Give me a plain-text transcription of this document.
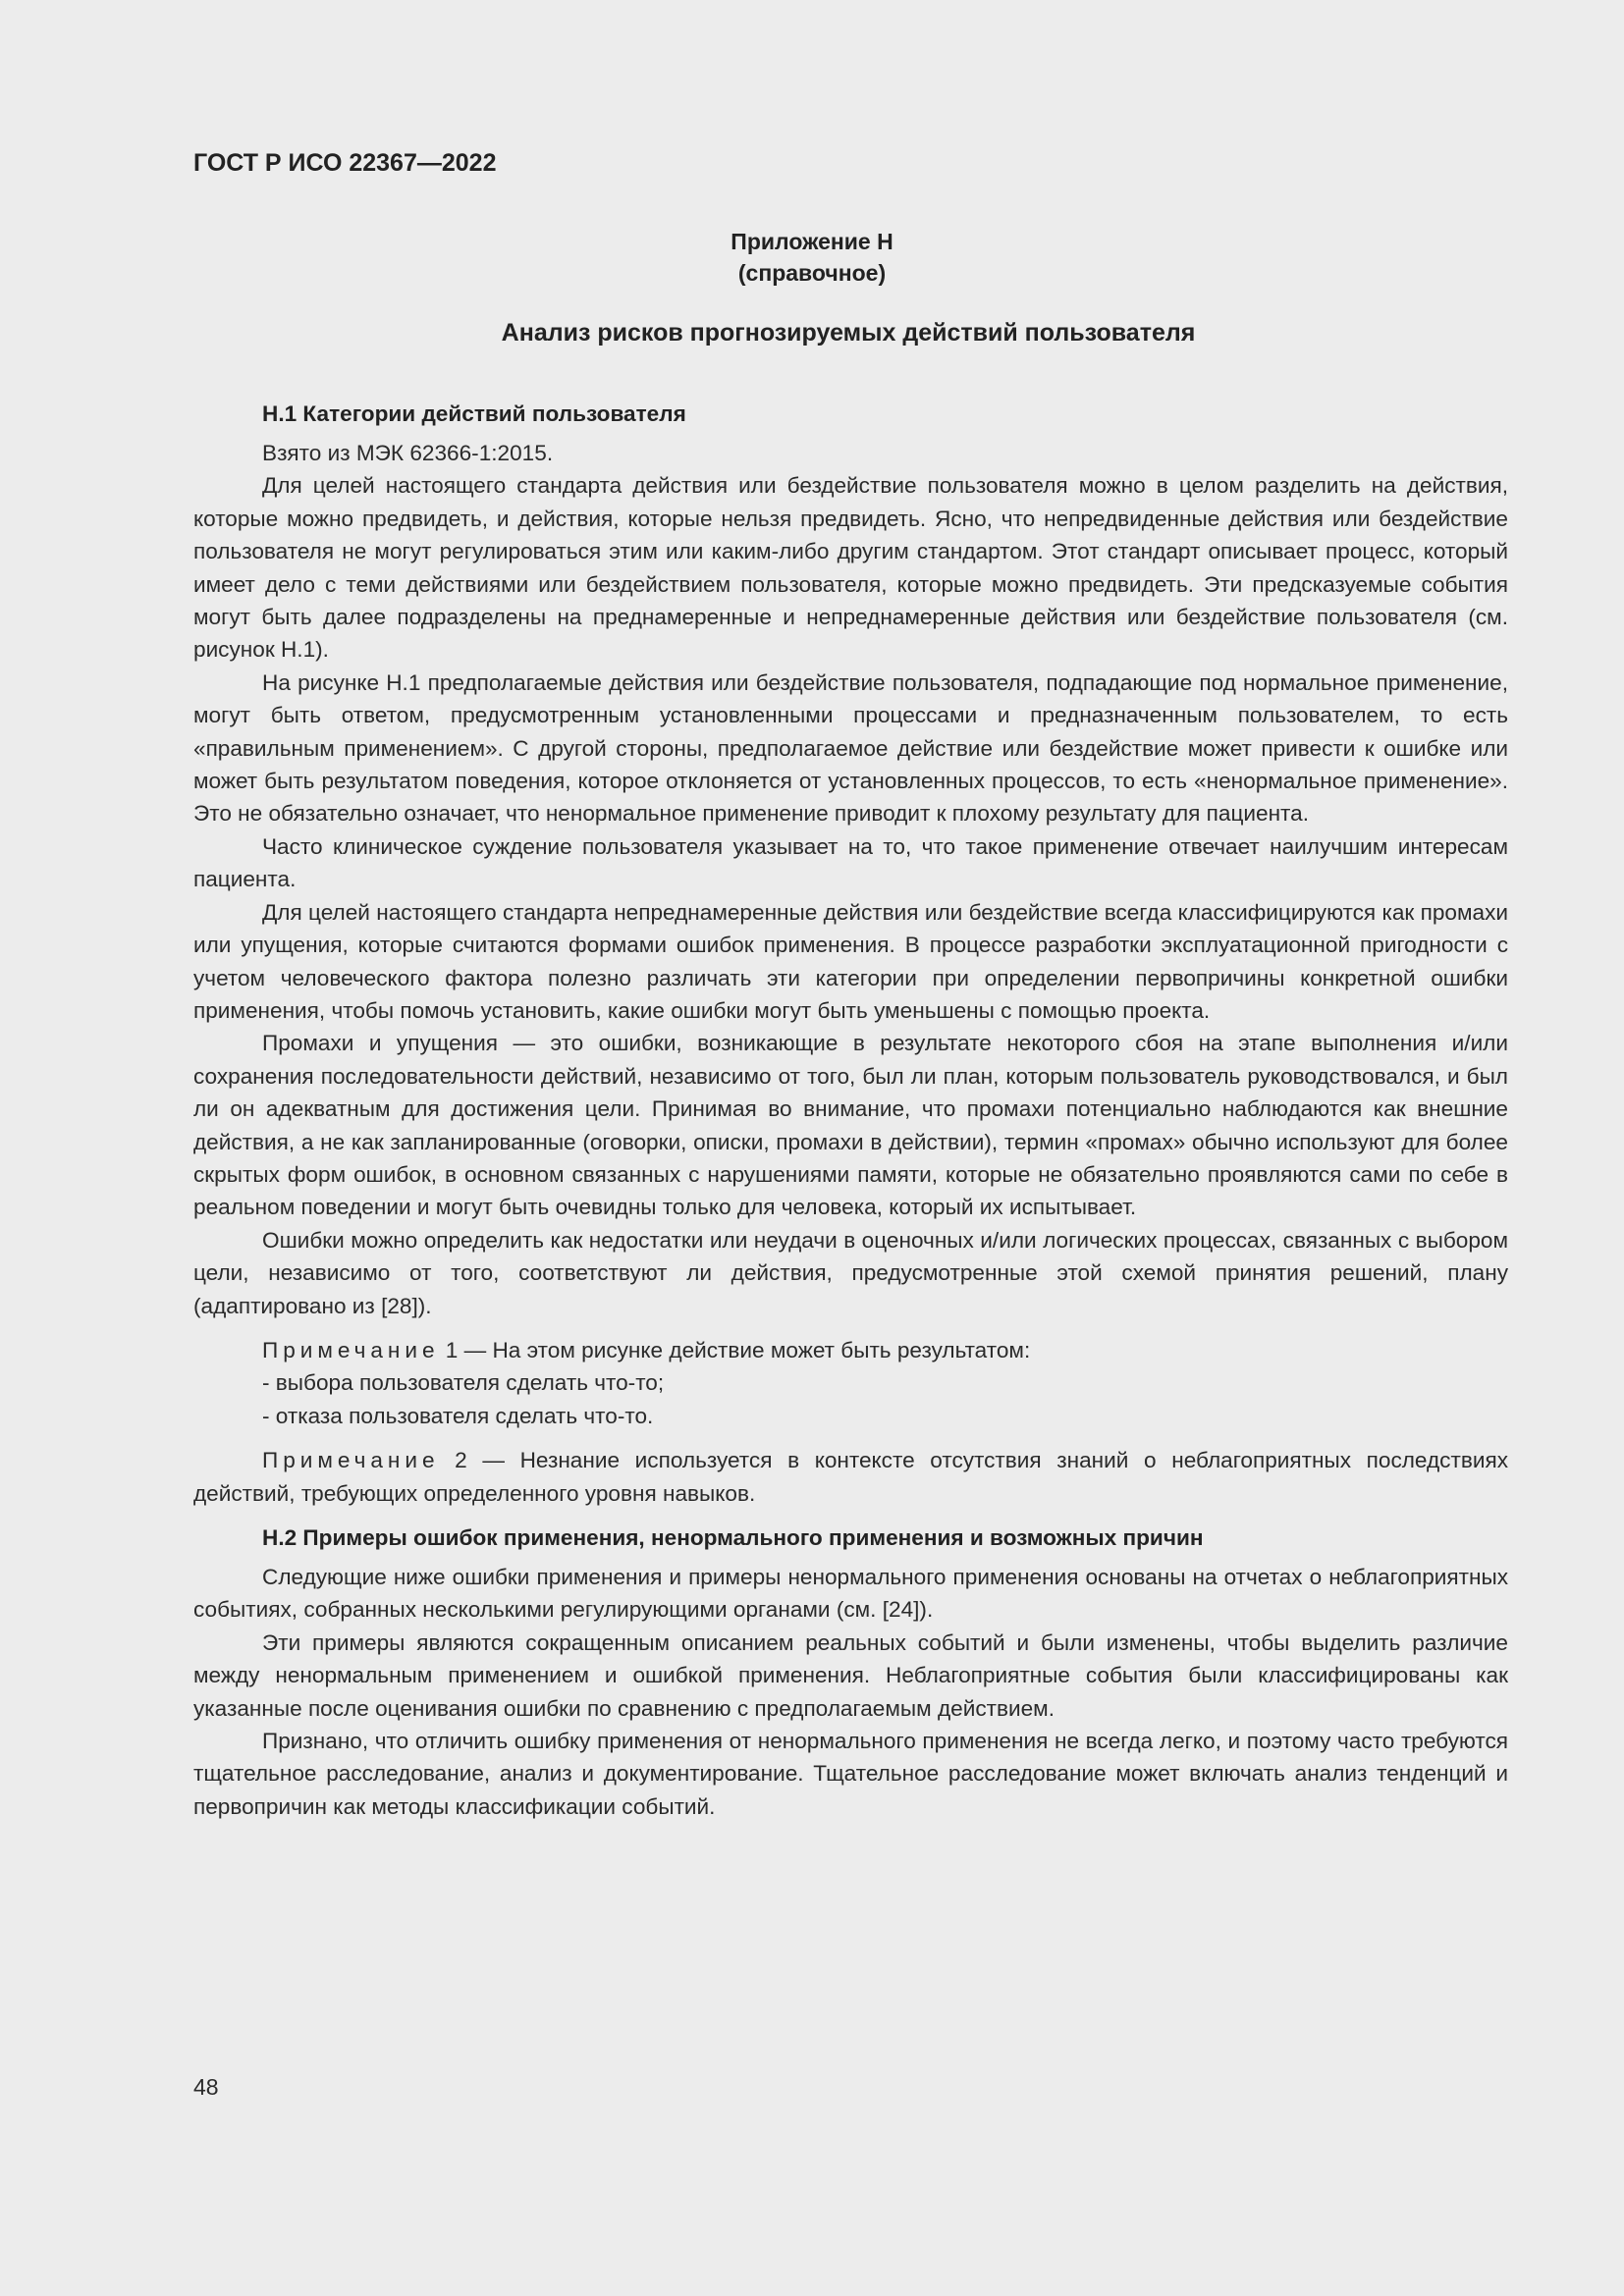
ГОСТ Р ИСО 22367—2022
Приложение Н
(справочное)
Анализ рисков прогнозируемых действий пользователя
Н.1 Категории действий пользователя

Взято из МЭК 62366-1:2015.

Для целей настоящего стандарта действия или бездействие пользователя можно в целом разделить на действия, которые можно предвидеть, и действия, которые нельзя предвидеть. Ясно, что непредвиденные действия или бездействие пользователя не могут регулироваться этим или каким-либо другим стандартом. Этот стандарт описывает процесс, который имеет дело с теми действиями или бездействием пользователя, которые можно предвидеть. Эти предсказуемые события могут быть далее подразделены на преднамеренные и непреднамеренные действия или бездействие пользователя (см. рисунок Н.1).

На рисунке Н.1 предполагаемые действия или бездействие пользователя, подпадающие под нормальное применение, могут быть ответом, предусмотренным установленными процессами и предназначенным пользователем, то есть «правильным применением». С другой стороны, предполагаемое действие или бездействие может привести к ошибке или может быть результатом поведения, которое отклоняется от установленных процессов, то есть «ненормальное применение». Это не обязательно означает, что ненормальное применение приводит к плохому результату для пациента.

Часто клиническое суждение пользователя указывает на то, что такое применение отвечает наилучшим интересам пациента.

Для целей настоящего стандарта непреднамеренные действия или бездействие всегда классифицируются как промахи или упущения, которые считаются формами ошибок применения. В процессе разработки эксплуатационной пригодности с учетом человеческого фактора полезно различать эти категории при определении первопричины конкретной ошибки применения, чтобы помочь установить, какие ошибки могут быть уменьшены с помощью проекта.

Промахи и упущения — это ошибки, возникающие в результате некоторого сбоя на этапе выполнения и/или сохранения последовательности действий, независимо от того, был ли план, которым пользователь руководствовался, и был ли он адекватным для достижения цели. Принимая во внимание, что промахи потенциально наблюдаются как внешние действия, а не как запланированные (оговорки, описки, промахи в действии), термин «промах» обычно используют для более скрытых форм ошибок, в основном связанных с нарушениями памяти, которые не обязательно проявляются сами по себе в реальном поведении и могут быть очевидны только для человека, который их испытывает.

Ошибки можно определить как недостатки или неудачи в оценочных и/или логических процессах, связанных с выбором цели, независимо от того, соответствуют ли действия, предусмотренные этой схемой принятия решений, плану (адаптировано из [28]).

Примечание 1 — На этом рисунке действие может быть результатом:

- выбора пользователя сделать что-то;
- отказа пользователя сделать что-то.

Примечание 2 — Незнание используется в контексте отсутствия знаний о неблагоприятных последствиях действий, требующих определенного уровня навыков.

Н.2 Примеры ошибок применения, ненормального применения и возможных причин

Следующие ниже ошибки применения и примеры ненормального применения основаны на отчетах о неблагоприятных событиях, собранных несколькими регулирующими органами (см. [24]).

Эти примеры являются сокращенным описанием реальных событий и были изменены, чтобы выделить различие между ненормальным применением и ошибкой применения. Неблагоприятные события были классифицированы как указанные после оценивания ошибки по сравнению с предполагаемым действием.

Признано, что отличить ошибку применения от ненормального применения не всегда легко, и поэтому часто требуются тщательное расследование, анализ и документирование. Тщательное расследование может включать анализ тенденций и первопричин как методы классификации событий.

48
